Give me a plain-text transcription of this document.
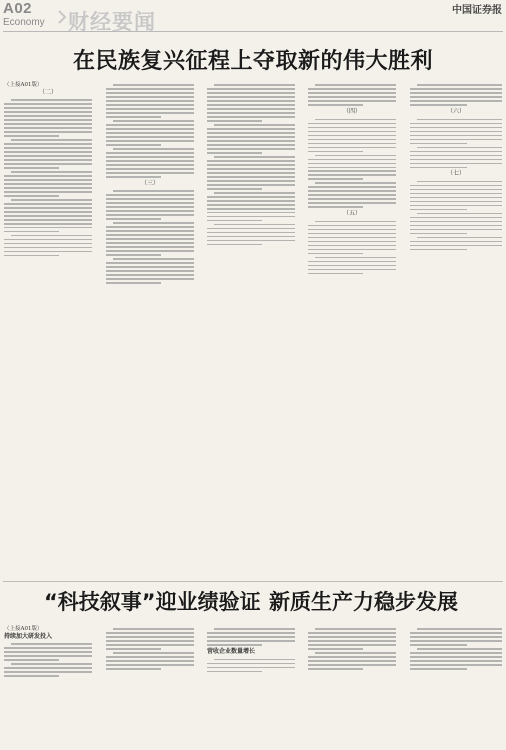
A02
Economy 财经要闻	中国证券报
在民族复兴征程上夺取新的伟大胜利
（上接A01版）
（二）
（三）
（四）
（五）
（六）
（七）
“科技叙事”迎业绩验证 新质生产力稳步发展
（上接A01版）
持续加大研发投入
营收企业数量增长
